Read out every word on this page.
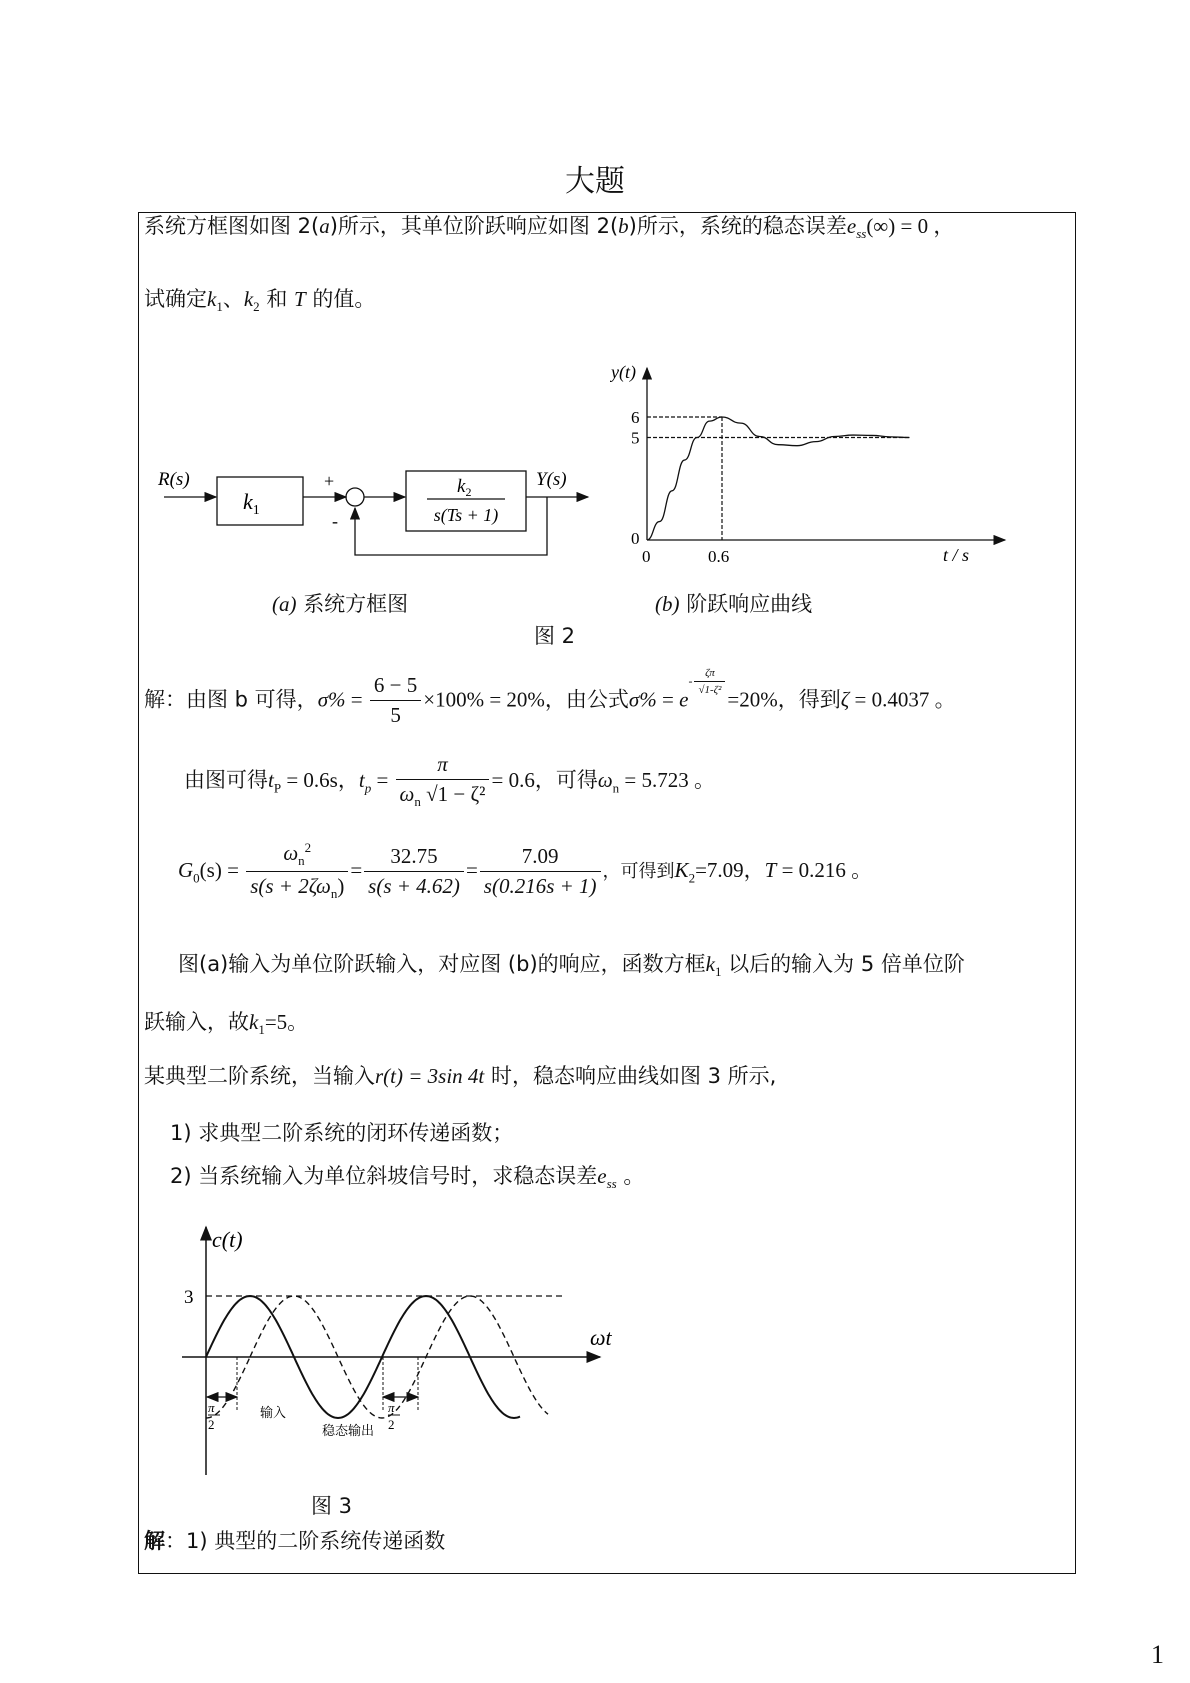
大题
系统方框图如图 2(a)所示，其单位阶跃响应如图 2(b)所示，系统的稳态误差$e_{ss}(\infty) = 0$ ，
试确定$k_1$、$k_2$ 和 T 的值。
R(s)
$k_1$
+
-
$k_2$
s(Ts + 1)
Y(s)
y(t)
t / s
6
5
0
0	0.6
(a) 系统方框图	(b) 阶跃响应曲线
图 2
解：由图 b 可得，$\sigma\% = \frac{6 - 5}{5} \times 100\% = 20\%$，由公式$\sigma\% = e- \frac{\zeta\pi}{\text{√1-ζ²}}$
=20%，得到ζ = 0.4037 。
由图可得$t_P = 0.6s$，$t_p = \frac{\pi}{\omega_n √1 - \zeta^2} = 0.6$，可得$\omega_n = 5.723$ 。
$G_0(s) = \frac{\omega_n^2}{s(s + 2\zeta\omega_n)} = \frac{32.75}{s(s + 4.62)} = \frac{7.09}{s(0.216s + 1)}$ ，可得到$K_2=7.09$，T = 0.216 。
图(a)输入为单位阶跃输入，对应图 (b)的响应，函数方框$k_1$ 以后的输入为 5 倍单位阶
跃输入，故$k_1=5$。
某典型二阶系统，当输入r(t) = 3sin 4t 时，稳态响应曲线如图 3 所示,
1) 求典型二阶系统的闭环传递函数；
2) 当系统输入为单位斜坡信号时，求稳态误差$e_{ss}$ 。
c(t)
ωt
3
输入
稳态输出
π
2
π
2
图 3
解：1) 典型的二阶系统传递函数
1
